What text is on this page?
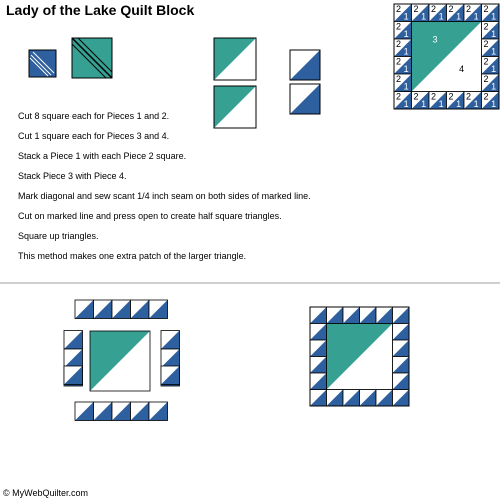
Lady of the Lake Quilt Block	2
1
2
1
2
1
2
1
2
1
2
1
2
1
2
1
2
1
2
1
2
1
2
1
2
1
2
1
2
1
2
1
2
1
2
1
2
1
2
1
3
4
Cut 8 square each for Pieces 1 and 2.
Cut 1 square each for Pieces 3 and 4.
Stack a Piece 1 with each Piece 2 square.
Stack Piece 3 with Piece 4.
Mark diagonal and sew scant 1/4 inch seam on both sides of marked line.
Cut on marked line and press open to create half square triangles.
Square up triangles.
This method makes one extra patch of the larger triangle.
© MyWebQuilter.com
